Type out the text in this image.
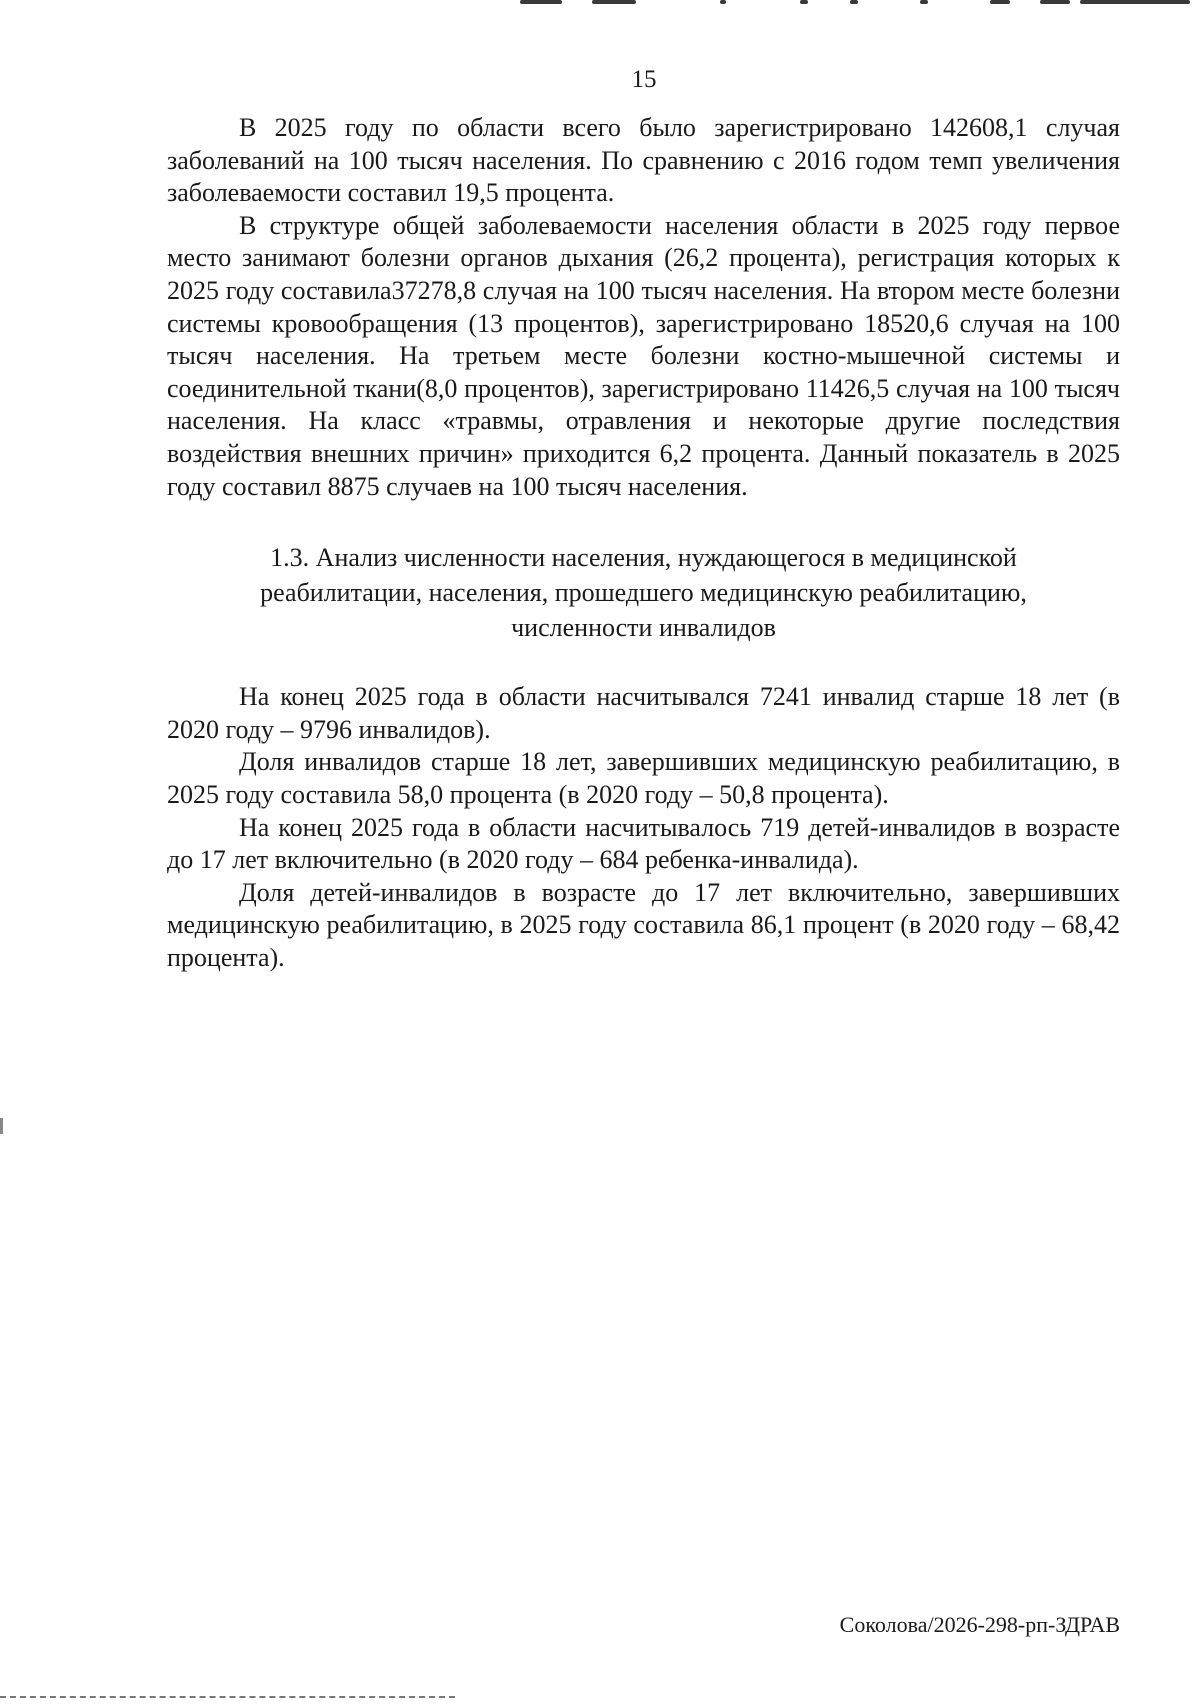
15

В 2025 году по области всего было зарегистрировано 142608,1 случая заболеваний на 100 тысяч населения. По сравнению с 2016 годом темп увеличения заболеваемости составил 19,5 процента.

В структуре общей заболеваемости населения области в 2025 году первое место занимают болезни органов дыхания (26,2 процента), регистрация которых к 2025 году составила37278,8 случая на 100 тысяч населения. На втором месте болезни системы кровообращения (13 процентов), зарегистрировано 18520,6 случая на 100 тысяч населения. На третьем месте болезни костно-мышечной системы и соединительной ткани(8,0 процентов), зарегистрировано 11426,5 случая на 100 тысяч населения. На класс «травмы, отравления и некоторые другие последствия воздействия внешних причин» приходится 6,2 процента. Данный показатель в 2025 году составил 8875 случаев на 100 тысяч населения.

1.3. Анализ численности населения, нуждающегося в медицинской
реабилитации, населения, прошедшего медицинскую реабилитацию,
численности инвалидов

На конец 2025 года в области насчитывался 7241 инвалид старше 18 лет (в 2020 году – 9796 инвалидов).

Доля инвалидов старше 18 лет, завершивших медицинскую реабилитацию, в 2025 году составила 58,0 процента (в 2020 году – 50,8 процента).

На конец 2025 года в области насчитывалось 719 детей-инвалидов в возрасте до 17 лет включительно (в 2020 году – 684 ребенка-инвалида).

Доля детей-инвалидов в возрасте до 17 лет включительно, завершивших медицинскую реабилитацию, в 2025 году составила 86,1 процент (в 2020 году – 68,42 процента).

Соколова/2026-298-рп-ЗДРАВ
